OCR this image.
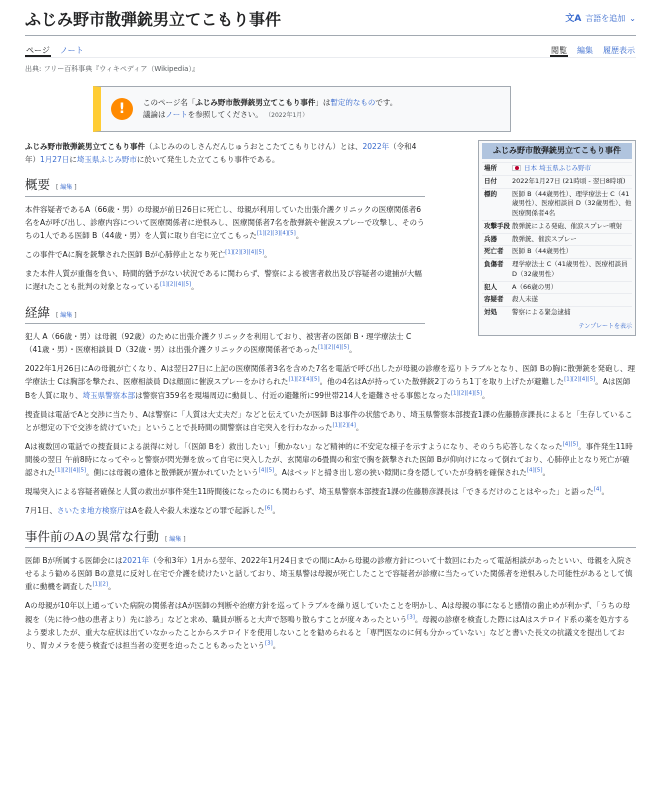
ふじみ野市散弾銃男立てこもり事件	文A 言語を追加 ⌄
ページ ノート	閲覧 編集 履歴表示
出典: フリー百科事典『ウィキペディア（Wikipedia）』
!	このページ名「ふじみ野市散弾銃男立てこもり事件」は暫定的なものです。
議論はノートを参照してください。 （2022年1月）
ふじみ野市散弾銃男立てこもり事件
場所	日本 埼玉県ふじみ野市
日付	2022年1月27日 (21時頃 - 翌日8時頃)
標的	医師 B（44歳男性）、理学療法士 C（41歳男性）、医療相談員 D（32歳男性）、他医療関係者4名
攻撃手段 散弾銃による発砲、催涙スプレー噴射
兵器	散弾銃、催涙スプレー
死亡者	医師 B（44歳男性）
負傷者	理学療法士 C（41歳男性）、医療相談員 D（32歳男性）
犯人	A（66歳の男）
容疑者	殺人未遂
対処	警察による緊急逮捕
テンプレートを表示

ふじみ野市散弾銃男立てこもり事件（ふじみののしさんだんじゅうおとこたてこもりじけん）とは、2022年（令和4年）1月27日に埼玉県ふじみ野市に於いて発生した立てこもり事件である。

概要 [ 編集 ]

本件容疑者であるA（66歳・男）の母親が前日26日に死亡し、母親が利用していた出張介護クリニックの医療関係者6名をAが呼び出し、診療内容について医療関係者に逆恨みし、医療関係者7名を散弾銃や催涙スプレーで攻撃し、そのうちの1人である医師 B（44歳・男）を人質に取り自宅に立てこもった[1][2][3][4][5]。

この事件でAに胸を銃撃された医師 Bが心肺停止となり死亡[1][2][3][4][5]。

また本件人質が重傷を負い、時間的猶予がない状況であるに関わらず、警察による被害者救出及び容疑者の逮捕が大幅に遅れたことも批判の対象となっている[1][2][4][5]。

経緯 [ 編集 ]

犯人 A（66歳・男）は母親（92歳）のために出張介護クリニックを利用しており、被害者の医師 B・理学療法士 C（41歳・男）・医療相談員 D（32歳・男）は出張介護クリニックの医療関係者であった[1][2][4][5]。

2022年1月26日にAの母親が亡くなり、Aは翌日27日に上記の医療関係者3名を含めた7名を電話で呼び出したが母親の診療を巡りトラブルとなり、医師 Bの胸に散弾銃を発砲し、理学療法士 Cは胸部を撃たれ、医療相談員 Dは顔面に催涙スプレーをかけられた[1][2][4][5]。他の4名はAが持っていた散弾銃2丁のうち1丁を取り上げたが避難した[1][2][4][5]。Aは医師 Bを人質に取り、埼玉県警察本部は警察官359名を現場周辺に動員し、付近の避難所に99世帯214人を避難させる事態となった[1][2][4][5]。

捜査員は電話でAと交渉に当たり、Aは警察に「人質は大丈夫だ」などと伝えていたが医師 Bは事件の状態であり、埼玉県警察本部捜査1課の佐藤勝彦課長によると「生存していることが想定の下で交渉を続けていた」ということで長時間の間警察は自宅突入を行わなかった[1][2][4]。

Aは複数回の電話での捜査員による説得に対し「（医師 Bを）救出したい」「動かない」など精神的に不安定な様子を示すようになり、そのうち応答しなくなった[4][5]。事件発生11時間後の翌日 午前8時になってやっと警察が閃光弾を放って自宅に突入したが、玄関扉の6畳間の和室で胸を銃撃された医師 Bが仰向けになって倒れており、心肺停止となり死亡が確認された[1][2][4][5]。側には母親の遺体と散弾銃が置かれていたという[4][5]。Aはベッドと掃き出し窓の狭い隙間に身を隠していたが身柄を確保された[4][5]。

現場突入による容疑者確保と人質の救出が事件発生11時間後になったのにも関わらず、埼玉県警察本部捜査1課の佐藤勝彦課長は「できるだけのことはやった」と語った[4]。

7月1日、さいたま地方検察庁はAを殺人や殺人未遂などの罪で起訴した[6]。

事件前のAの異常な行動 [ 編集 ]

医師 Bが所属する医師会には2021年（令和3年）1月から翌年、2022年1月24日までの間にAから母親の診療方針について十数回にわたって電話相談があったといい、母親を入院させるよう勧める医師 Bの意見に反対し在宅で介護を続けたいと話しており、埼玉県警は母親が死亡したことで容疑者が診療に当たっていた関係者を逆恨みした可能性があるとして慎重に動機を調査した[1][2]。

Aの母親が10年以上通っていた病院の関係者はAが医師の判断や治療方針を巡ってトラブルを繰り返していたことを明かし、Aは母親の事になると感情の歯止めが利かず、「うちの母親を（先に待つ他の患者より）先に診ろ」などと求め、職員が断ると大声で怒鳴り散らすことが度々あったという[3]。母親の診療を検査した際にはAはステロイド系の薬を処方するよう要求したが、重大な症状は出ていなかったことからステロイドを使用しないことを勧められると「専門医なのに何も分かっていない」などと書いた長文の抗議文を提出しており、胃カメラを使う検査では担当者の変更を迫ったこともあったという[3]。
